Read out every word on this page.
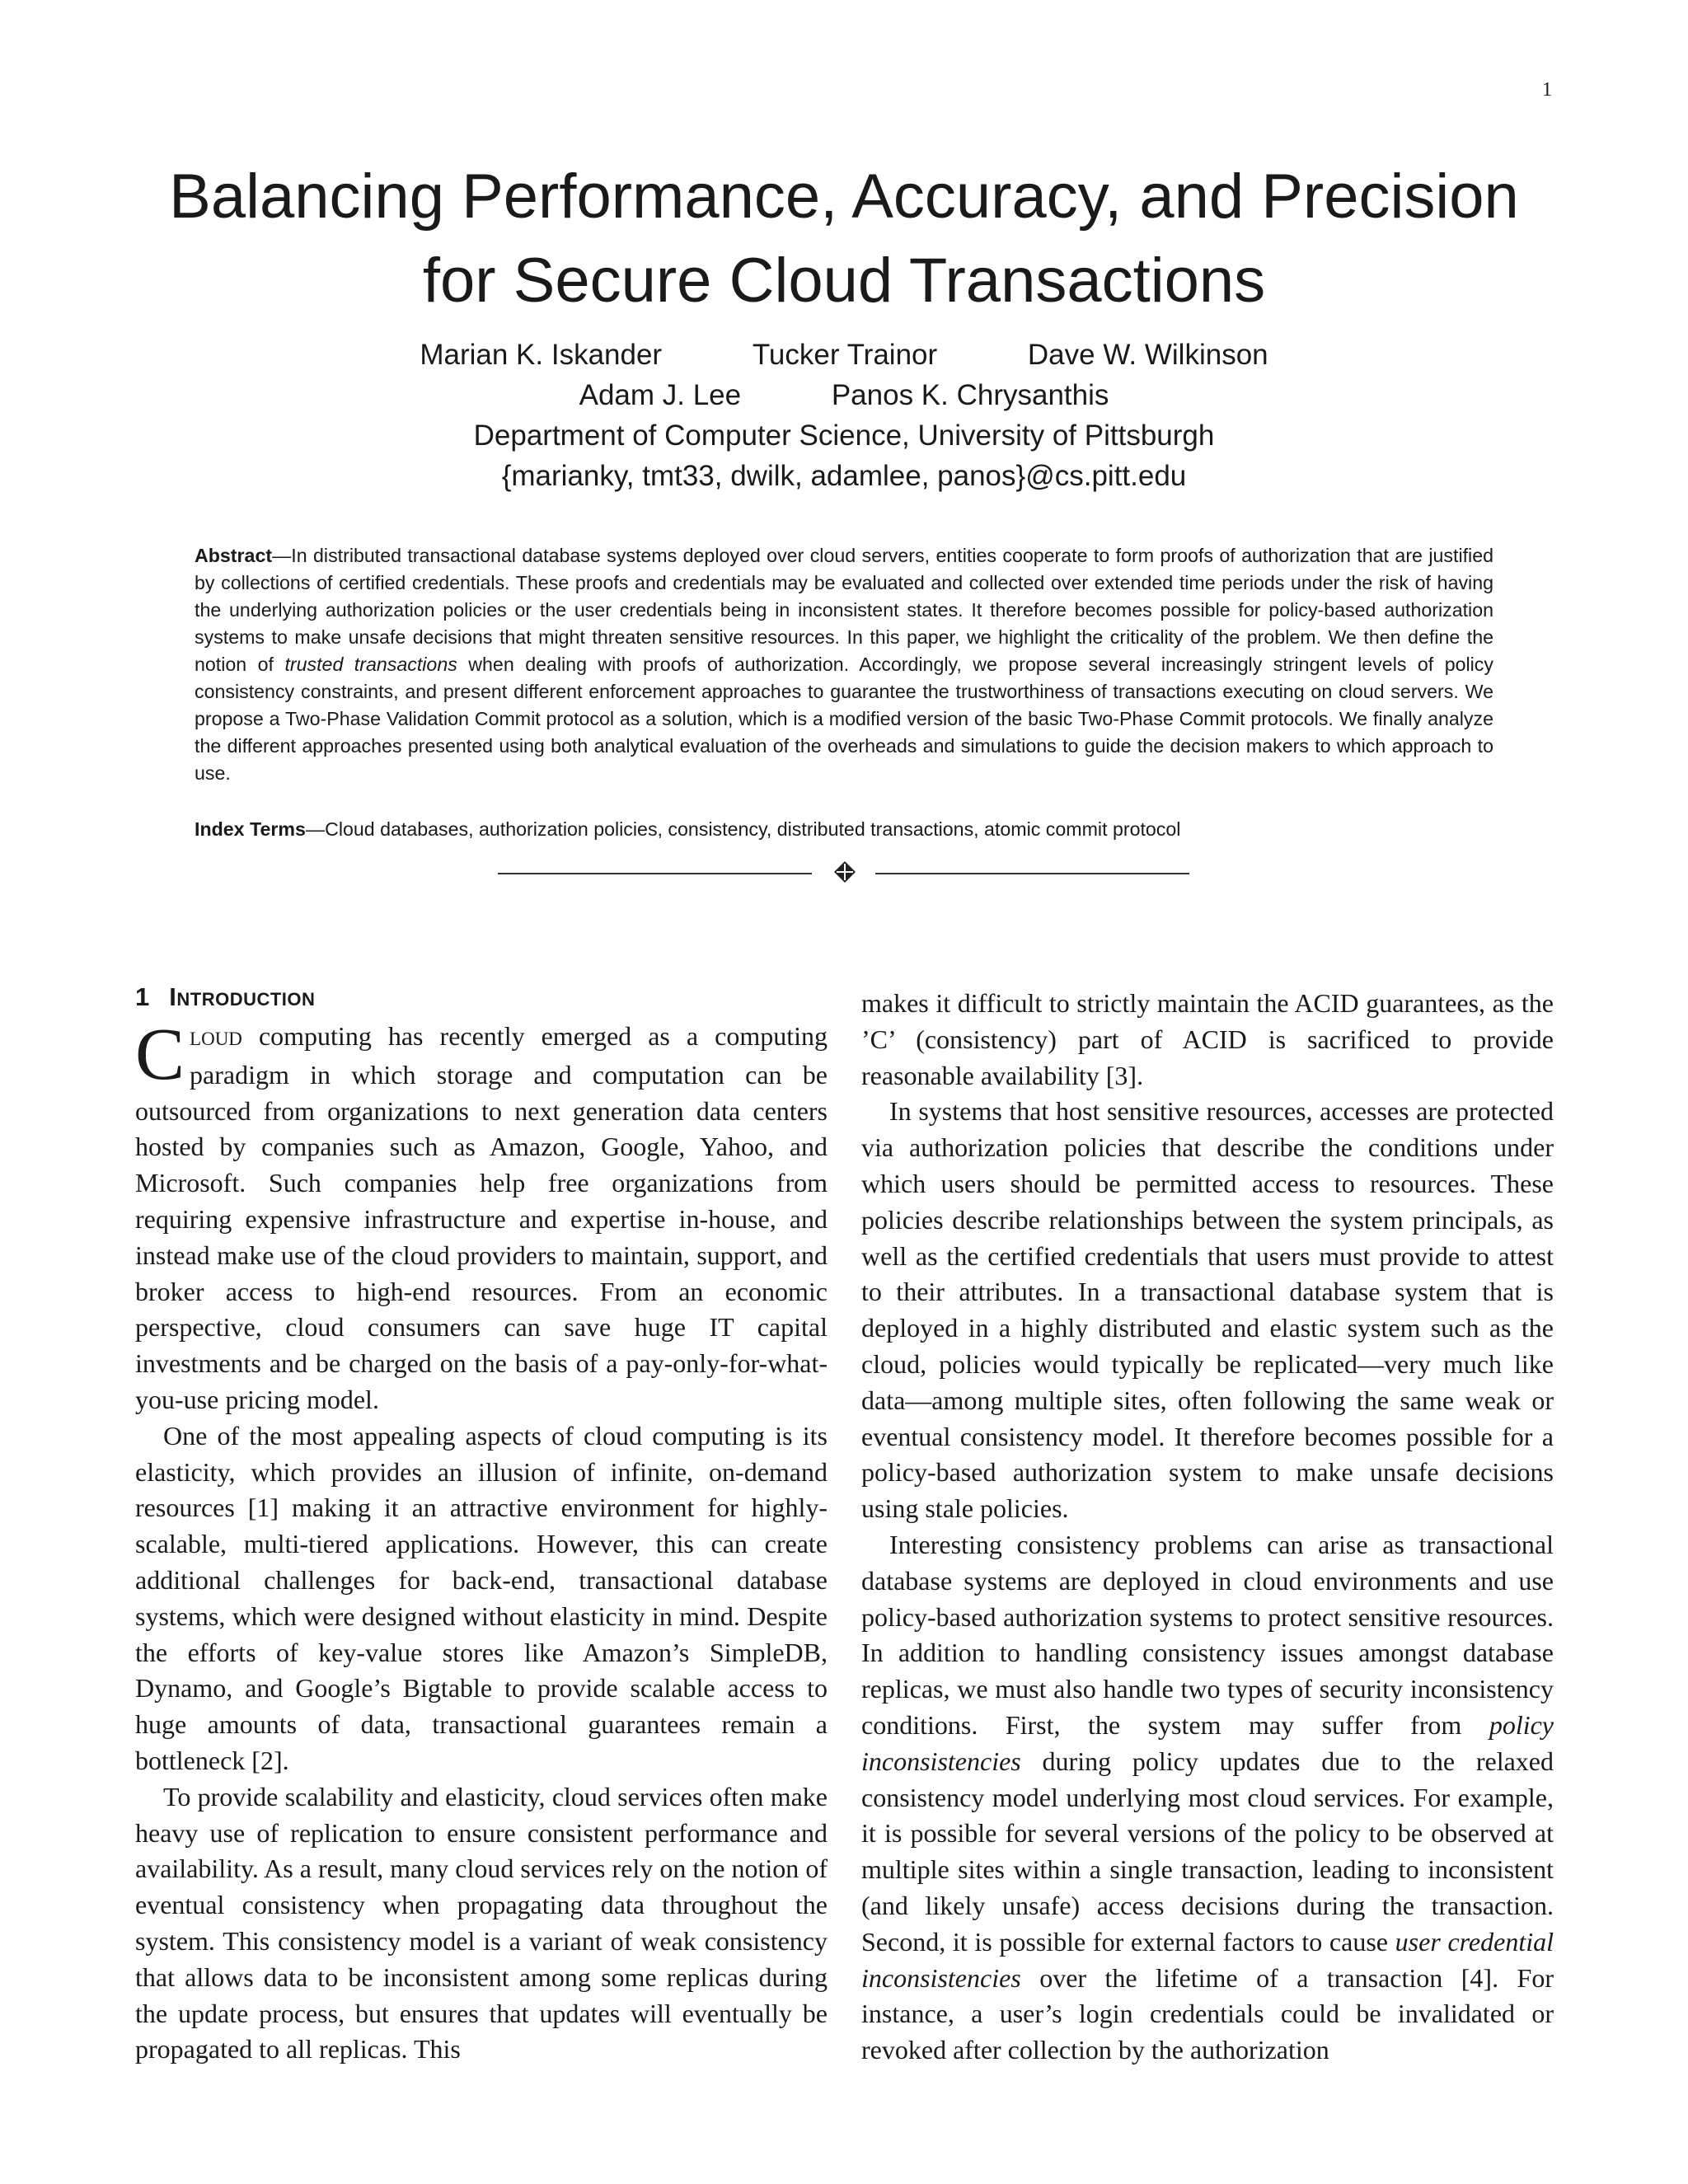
1
Balancing Performance, Accuracy, and Precision
for Secure Cloud Transactions
Marian K. Iskander	Tucker Trainor	Dave W. Wilkinson
Adam J. Lee	Panos K. Chrysanthis
Department of Computer Science, University of Pittsburgh
{marianky, tmt33, dwilk, adamlee, panos}@cs.pitt.edu
Abstract—In distributed transactional database systems deployed over cloud servers, entities cooperate to form proofs of authorization that are justified by collections of certified credentials. These proofs and credentials may be evaluated and collected over extended time periods under the risk of having the underlying authorization policies or the user credentials being in inconsistent states. It therefore becomes possible for policy-based authorization systems to make unsafe decisions that might threaten sensitive resources. In this paper, we highlight the criticality of the problem. We then define the notion of trusted transactions when dealing with proofs of authorization. Accordingly, we propose several increasingly stringent levels of policy consistency constraints, and present different enforcement approaches to guarantee the trustworthiness of transactions executing on cloud servers. We propose a Two-Phase Validation Commit protocol as a solution, which is a modified version of the basic Two-Phase Commit protocols. We finally analyze the different approaches presented using both analytical evaluation of the overheads and simulations to guide the decision makers to which approach to use.
Index Terms—Cloud databases, authorization policies, consistency, distributed transactions, atomic commit protocol
1 Introduction

CLOUD computing has recently emerged as a computing paradigm in which storage and computation can be outsourced from organizations to next generation data centers hosted by companies such as Amazon, Google, Yahoo, and Microsoft. Such companies help free organizations from requiring expensive infrastructure and expertise in-house, and instead make use of the cloud providers to maintain, support, and broker access to high-end resources. From an economic perspective, cloud consumers can save huge IT capital investments and be charged on the basis of a pay-only-for-what-you-use pricing model.

One of the most appealing aspects of cloud computing is its elasticity, which provides an illusion of infinite, on-demand resources [1] making it an attractive environment for highly-scalable, multi-tiered applications. However, this can create additional challenges for back-end, transactional database systems, which were designed without elasticity in mind. Despite the efforts of key-value stores like Amazon’s SimpleDB, Dynamo, and Google’s Bigtable to provide scalable access to huge amounts of data, transactional guarantees remain a bottleneck [2].

To provide scalability and elasticity, cloud services often make heavy use of replication to ensure consistent performance and availability. As a result, many cloud services rely on the notion of eventual consistency when propagating data throughout the system. This consistency model is a variant of weak consistency that allows data to be inconsistent among some replicas during the update process, but ensures that updates will eventually be propagated to all replicas. This

makes it difficult to strictly maintain the ACID guarantees, as the ’C’ (consistency) part of ACID is sacrificed to provide reasonable availability [3].

In systems that host sensitive resources, accesses are protected via authorization policies that describe the conditions under which users should be permitted access to resources. These policies describe relationships between the system principals, as well as the certified credentials that users must provide to attest to their attributes. In a transactional database system that is deployed in a highly distributed and elastic system such as the cloud, policies would typically be replicated—very much like data—among multiple sites, often following the same weak or eventual consistency model. It therefore becomes possible for a policy-based authorization system to make unsafe decisions using stale policies.

Interesting consistency problems can arise as transactional database systems are deployed in cloud environments and use policy-based authorization systems to protect sensitive resources. In addition to handling consistency issues amongst database replicas, we must also handle two types of security inconsistency conditions. First, the system may suffer from policy inconsistencies during policy updates due to the relaxed consistency model underlying most cloud services. For example, it is possible for several versions of the policy to be observed at multiple sites within a single transaction, leading to inconsistent (and likely unsafe) access decisions during the transaction. Second, it is possible for external factors to cause user credential inconsistencies over the lifetime of a transaction [4]. For instance, a user’s login credentials could be invalidated or revoked after collection by the authorization
